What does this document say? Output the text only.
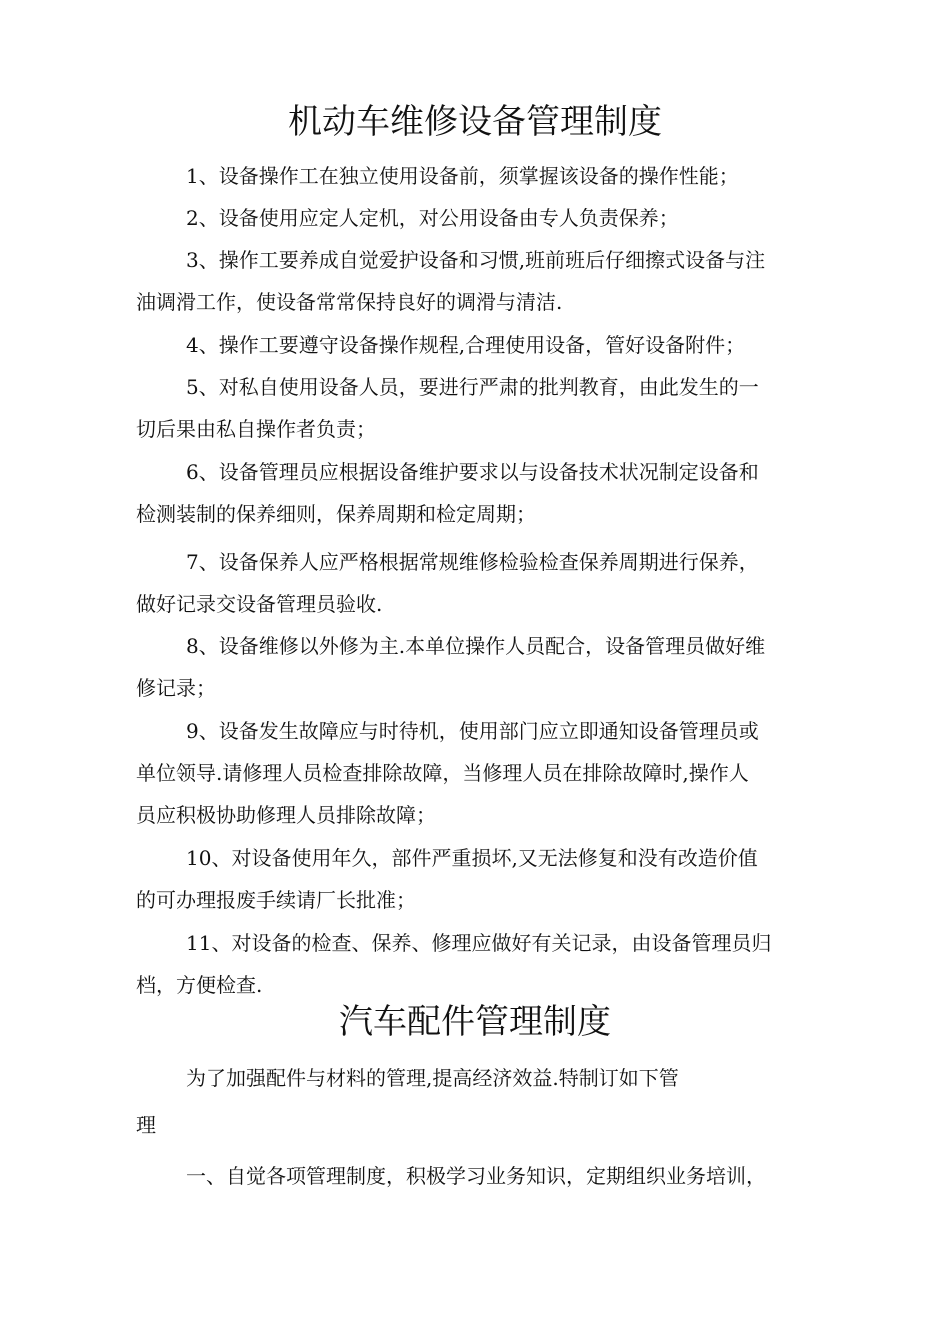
机动车维修设备管理制度

1、设备操作工在独立使用设备前，须掌握该设备的操作性能；

2、设备使用应定人定机，对公用设备由专人负责保养；

3、操作工要养成自觉爱护设备和习惯,班前班后仔细擦式设备与注

油调滑工作，使设备常常保持良好的调滑与清洁.

4、操作工要遵守设备操作规程,合理使用设备，管好设备附件；

5、对私自使用设备人员，要进行严肃的批判教育，由此发生的一

切后果由私自操作者负责；

6、设备管理员应根据设备维护要求以与设备技术状况制定设备和

检测装制的保养细则，保养周期和检定周期；

7、设备保养人应严格根据常规维修检验检查保养周期进行保养，

做好记录交设备管理员验收.

8、设备维修以外修为主.本单位操作人员配合，设备管理员做好维

修记录；

9、设备发生故障应与时待机，使用部门应立即通知设备管理员或

单位领导.请修理人员检查排除故障，当修理人员在排除故障时,操作人

员应积极协助修理人员排除故障；

10、对设备使用年久，部件严重损坏,又无法修复和没有改造价值

的可办理报废手续请厂长批准；

11、对设备的检查、保养、修理应做好有关记录，由设备管理员归

档，方便检查.

汽车配件管理制度

为了加强配件与材料的管理,提高经济效益.特制订如下管

理

一、自觉各项管理制度，积极学习业务知识，定期组织业务培训，
